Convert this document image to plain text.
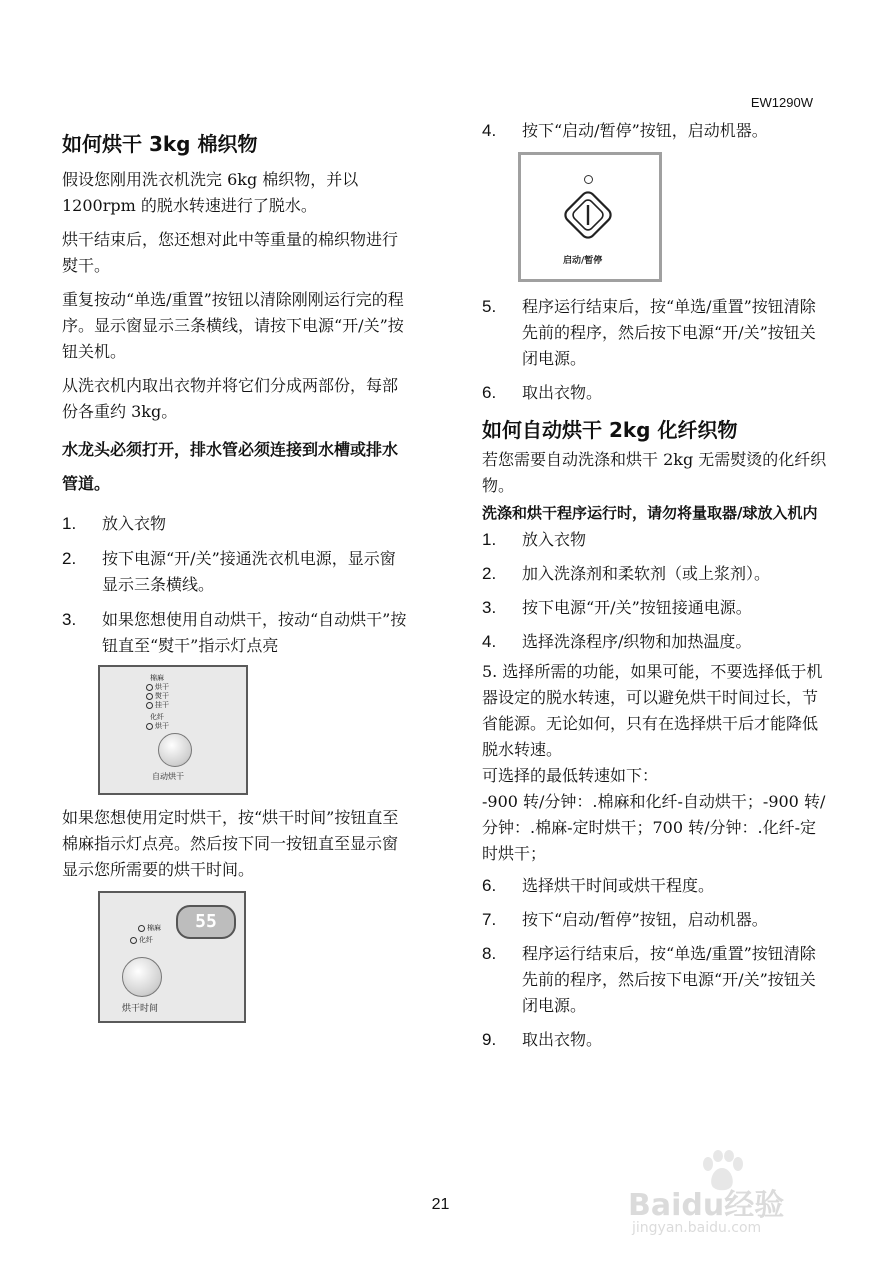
EW1290W
如何烘干 3kg 棉织物

假设您刚用洗衣机洗完 6kg 棉织物，并以 1200rpm 的脱水转速进行了脱水。

烘干结束后，您还想对此中等重量的棉织物进行熨干。

重复按动“单选/重置”按钮以清除刚刚运行完的程序。显示窗显示三条横线，请按下电源“开/关”按钮关机。

从洗衣机内取出衣物并将它们分成两部份，每部份各重约 3kg。

水龙头必须打开，排水管必须连接到水槽或排水管道。
1. 放入衣物
2. 按下电源“开/关”接通洗衣机电源，显示窗显示三条横线。
3. 如果您想使用自动烘干，按动“自动烘干”按钮直至“熨干”指示灯点亮
棉麻
烘干
熨干
挂干
化纤
烘干
自动烘干

如果您想使用定时烘干，按“烘干时间”按钮直至棉麻指示灯点亮。然后按下同一按钮直至显示窗显示您所需要的烘干时间。

棉麻
化纤
55
烘干时间
4. 按下“启动/暂停”按钮，启动机器。
启动/暂停
5. 程序运行结束后，按“单选/重置”按钮清除先前的程序，然后按下电源“开/关”按钮关闭电源。
6. 取出衣物。
如何自动烘干 2kg 化纤织物

若您需要自动洗涤和烘干 2kg 无需熨烫的化纤织物。

洗涤和烘干程序运行时，请勿将量取器/球放入机内
1. 放入衣物
2. 加入洗涤剂和柔软剂（或上浆剂）。
3. 按下电源“开/关”按钮接通电源。
4. 选择洗涤程序/织物和加热温度。

5. 选择所需的功能，如果可能，不要选择低于机器设定的脱水转速，可以避免烘干时间过长，节省能源。无论如何，只有在选择烘干后才能降低脱水转速。

可选择的最低转速如下：

-900 转/分钟：.棉麻和化纤-自动烘干；-900 转/分钟：.棉麻-定时烘干；700 转/分钟：.化纤-定时烘干；

6. 选择烘干时间或烘干程度。
7. 按下“启动/暂停”按钮，启动机器。
8. 程序运行结束后，按“单选/重置”按钮清除先前的程序，然后按下电源“开/关”按钮关闭电源。
9. 取出衣物。
21	Baidu经验
jingyan.baidu.com
